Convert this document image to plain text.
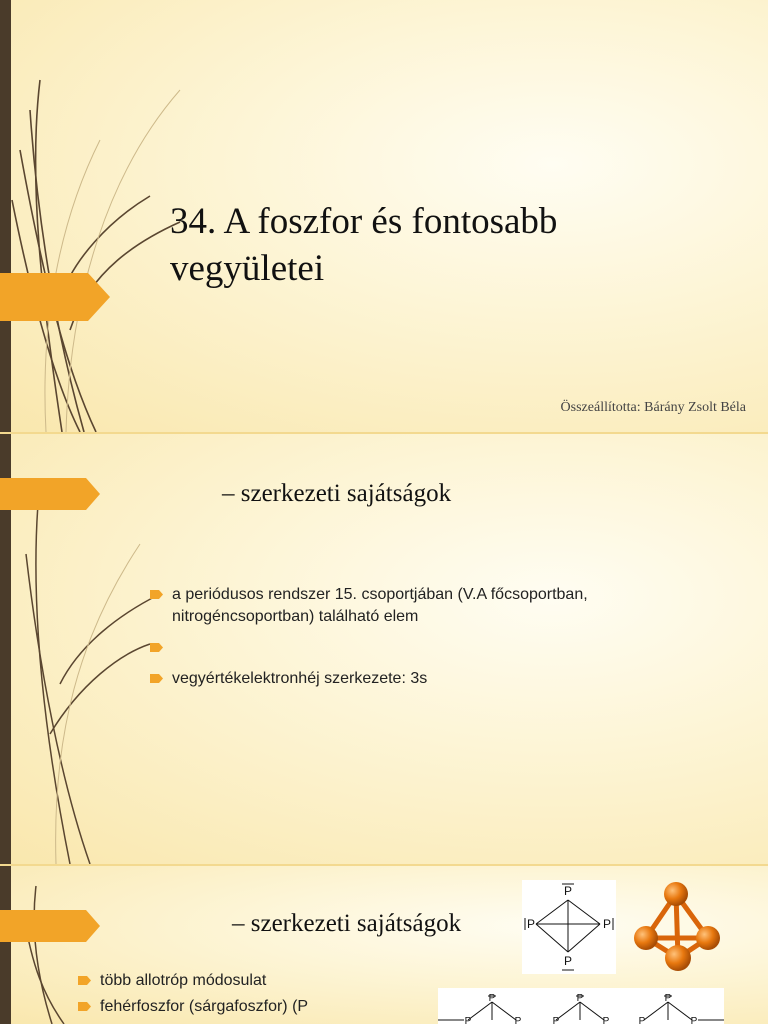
34. A foszfor és fontosabb
vegyületei
Összeállította: Bárány Zsolt Béla
– szerkezeti sajátságok
a periódusos rendszer 15. csoportjában (V.A főcsoportban, nitrogéncsoportban) található elem
vegyértékelektronhéj szerkezete: 3s
– szerkezeti sajátságok
P
P	P
P
P	P	P
P	P	P	P	P	P
több allotróp módosulat
fehérfoszfor (sárgafoszfor) (P
